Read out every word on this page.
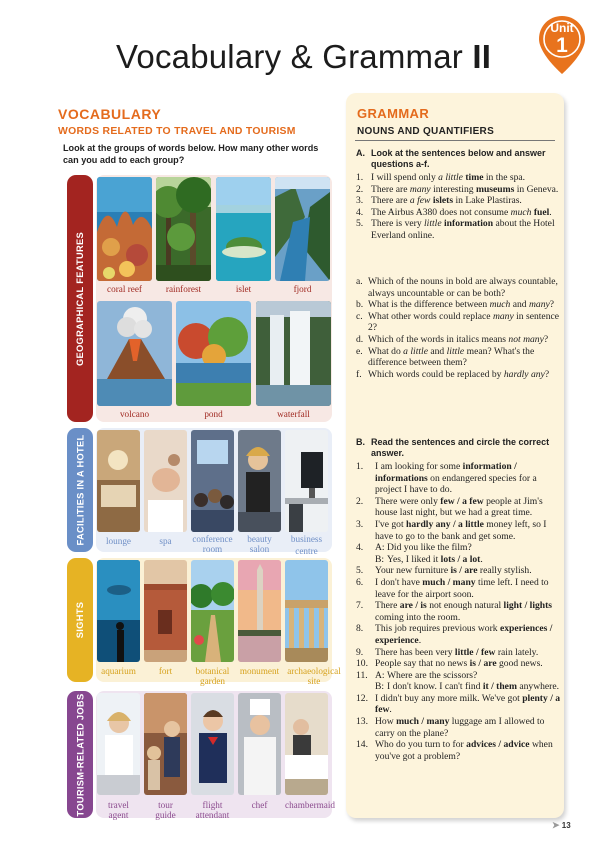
Vocabulary & Grammar II
Unit
1
VOCABULARY
WORDS RELATED TO TRAVEL AND TOURISM
Look at the groups of words below. How many other words can you add to each group?
GEOGRAPHICAL FEATURES	coral reef	rainforest	islet	fjord
volcano	pond	waterfall
FACILITIES IN A HOTEL	lounge	spa	conference
room
beauty
salon
business
centre
SIGHTS
aquarium	fort	botanical
garden
monument archaeological
site
TOURISM-RELATED JOBS	travel
agent
tour
guide
flight
attendant
chef	chambermaid
GRAMMAR
NOUNS AND QUANTIFIERS
A. Look at the sentences below and answer questions a-f.
1. I will spend only a little time in the spa.
2. There are many interesting museums in Geneva.
3. There are a few islets in Lake Plastiras.
4. The Airbus A380 does not consume much fuel.
5. There is very little information about the Hotel Everland online.
a. Which of the nouns in bold are always countable, always uncountable or can be both?
b. What is the difference between much and many?
c. What other words could replace many in sentence 2?
d. Which of the words in italics means not many?
e. What do a little and little mean? What's the difference between them?
f. Which words could be replaced by hardly any?
B. Read the sentences and circle the correct answer.
1.	I am looking for some information / informations on endangered species for a project I have to do.
2.	There were only few / a few people at Jim's house last night, but we had a great time.
3.	I've got hardly any / a little money left, so I have to go to the bank and get some.
4.	A: Did you like the film?
B: Yes, I liked it lots / a lot.
5.	Your new furniture is / are really stylish.
6.	I don't have much / many time left. I need to leave for the airport soon.
7.	There are / is not enough natural light / lights coming into the room.
8.	This job requires previous work experiences / experience.
9.	There has been very little / few rain lately.
10. People say that no news is / are good news.
11. A: Where are the scissors?
B: I don't know. I can't find it / them anywhere.
12. I didn't buy any more milk. We've got plenty / a few.
13. How much / many luggage am I allowed to carry on the plane?
14. Who do you turn to for advices / advice when you've got a problem?
➤ 13
